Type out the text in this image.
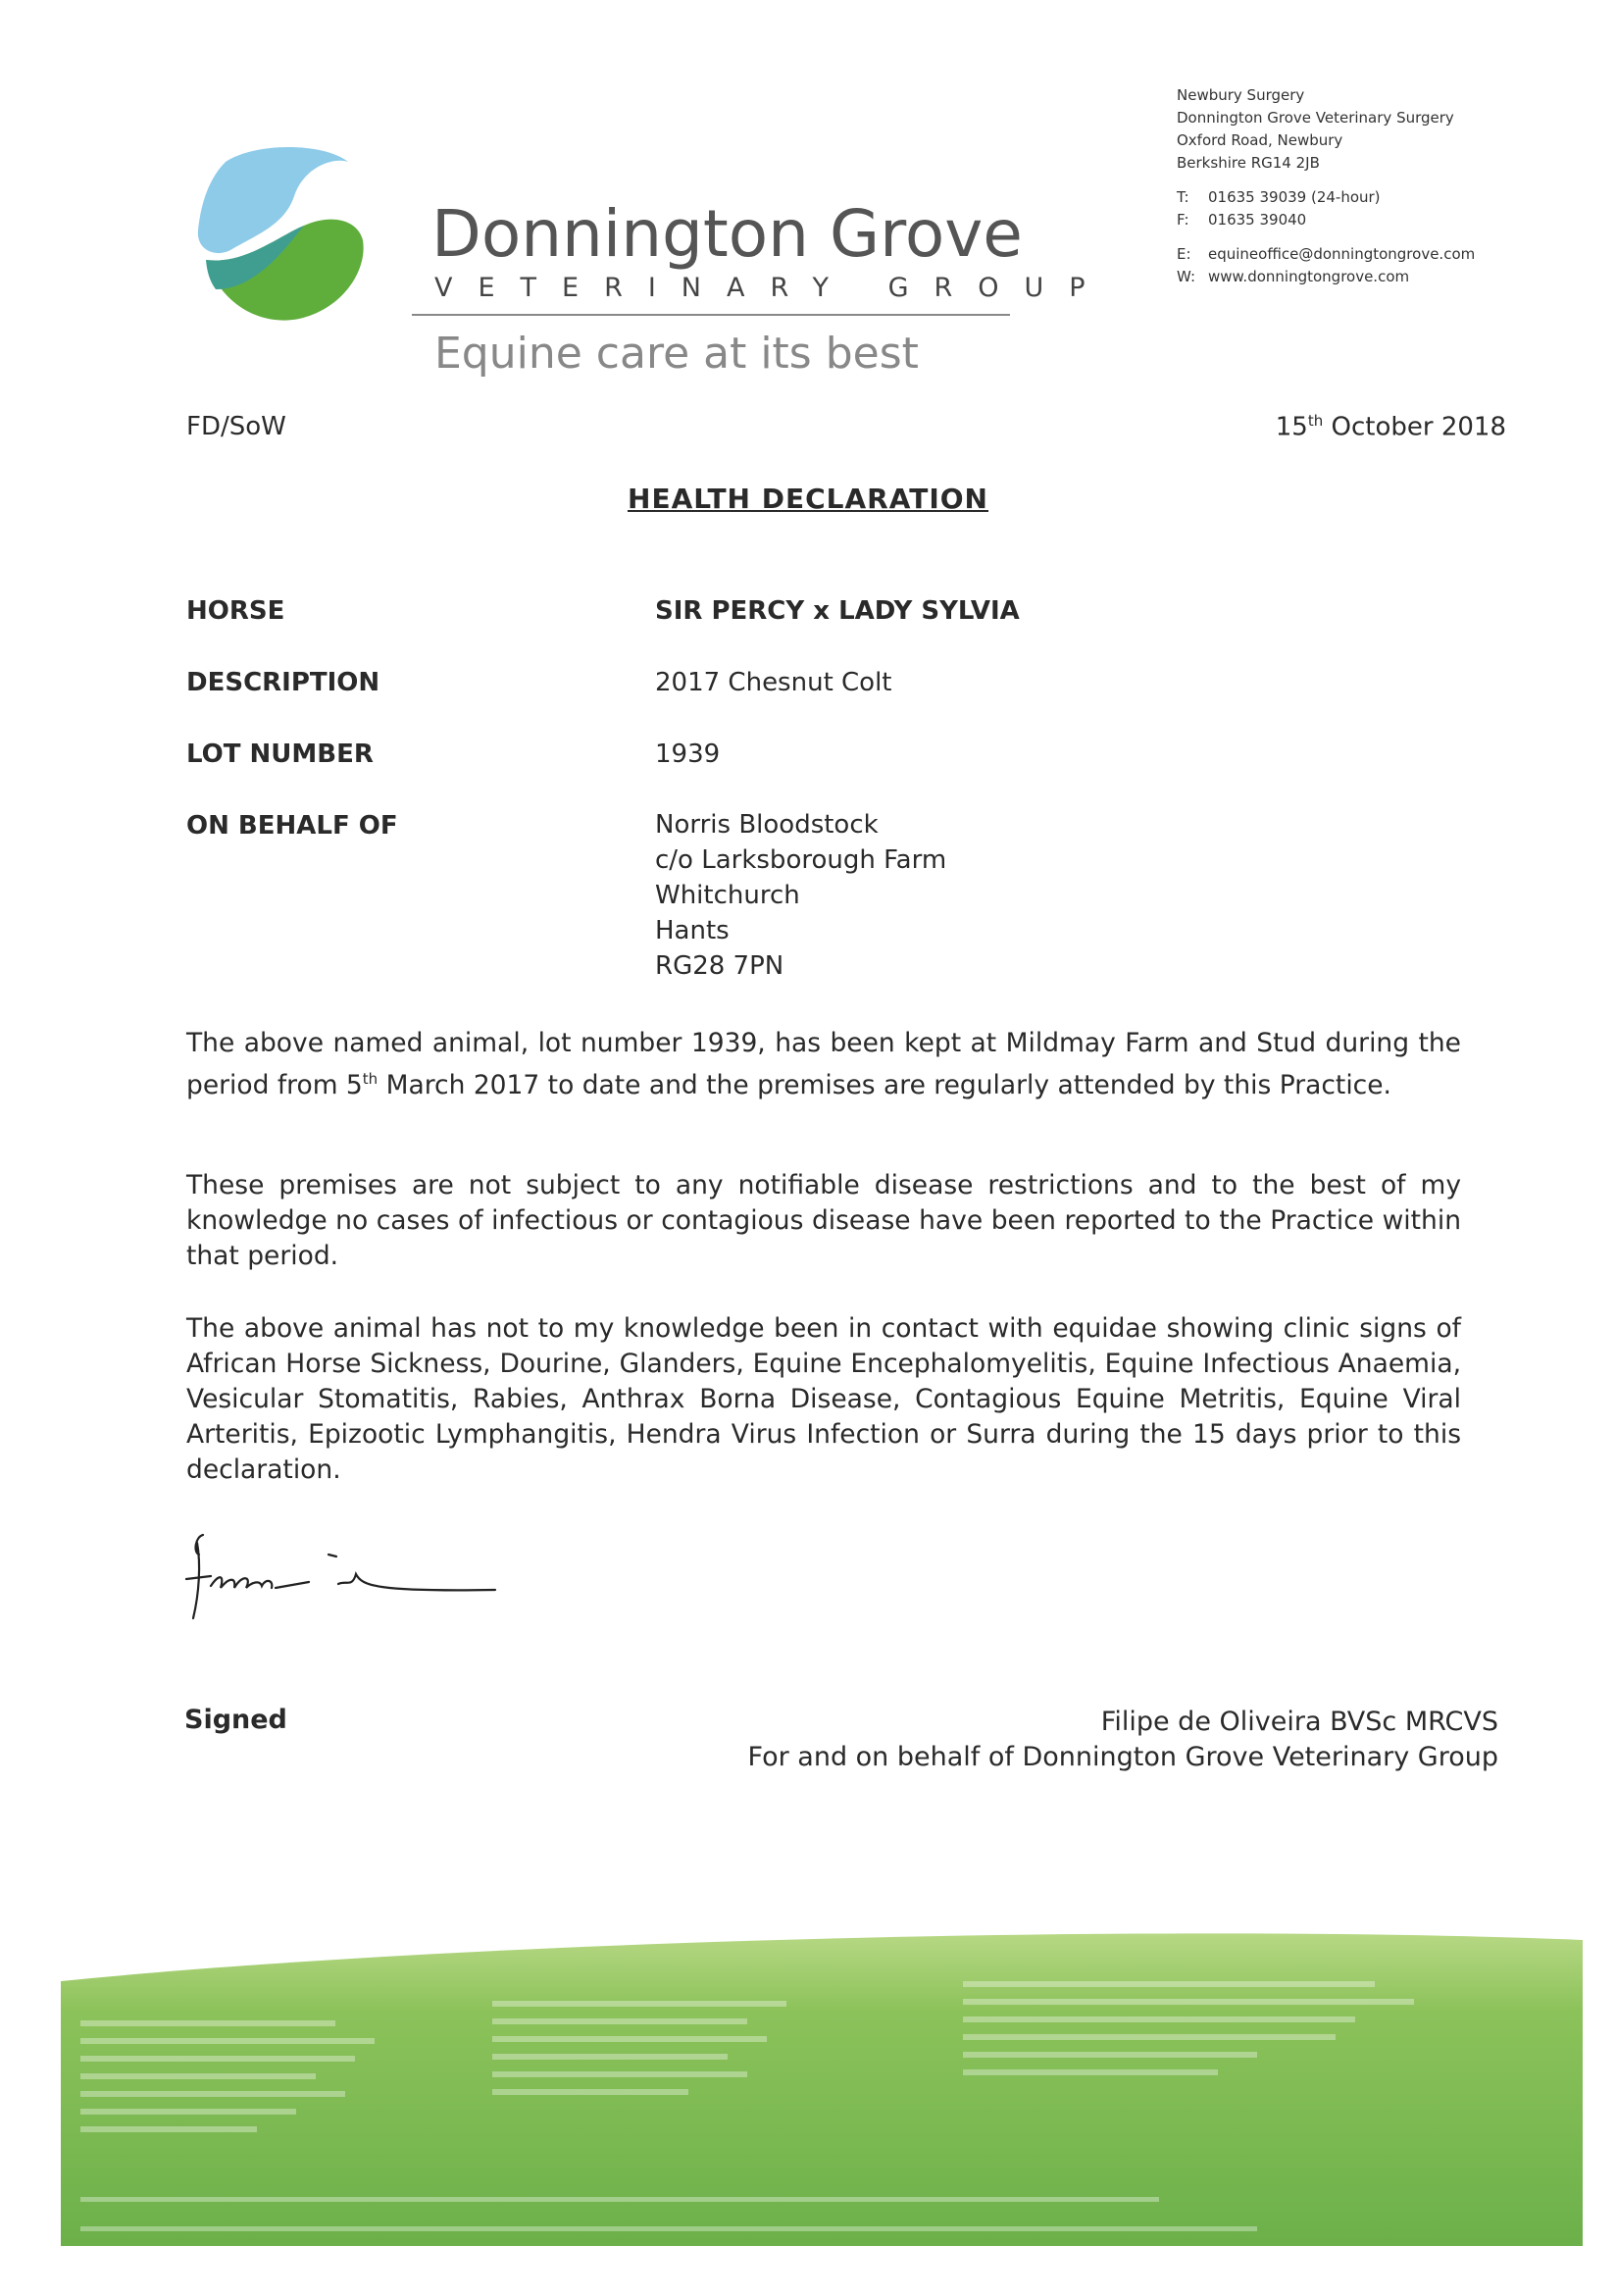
Donnington Grove
VETERINARY GROUP
Equine care at its best
Newbury Surgery
Donnington Grove Veterinary Surgery
Oxford Road, Newbury
Berkshire RG14 2JB
T: 01635 39039 (24-hour)
F: 01635 39040
E: equineoffice@donningtongrove.com
W: www.donningtongrove.com
FD/SoW	15th October 2018
HEALTH DECLARATION
HORSE	SIR PERCY x LADY SYLVIA
DESCRIPTION	2017 Chesnut Colt
LOT NUMBER	1939
ON BEHALF OF	Norris Bloodstock
c/o Larksborough Farm
Whitchurch
Hants
RG28 7PN
The above named animal, lot number 1939, has been kept at Mildmay Farm and Stud during the period from 5th March 2017 to date and the premises are regularly attended by this Practice.
These premises are not subject to any notifiable disease restrictions and to the best of my knowledge no cases of infectious or contagious disease have been reported to the Practice within that period.
The above animal has not to my knowledge been in contact with equidae showing clinic signs of African Horse Sickness, Dourine, Glanders, Equine Encephalomyelitis, Equine Infectious Anaemia, Vesicular Stomatitis, Rabies, Anthrax Borna Disease, Contagious Equine Metritis, Equine Viral Arteritis, Epizootic Lymphangitis, Hendra Virus Infection or Surra during the 15 days prior to this declaration.
Signed	Filipe de Oliveira BVSc MRCVS
For and on behalf of Donnington Grove Veterinary Group
